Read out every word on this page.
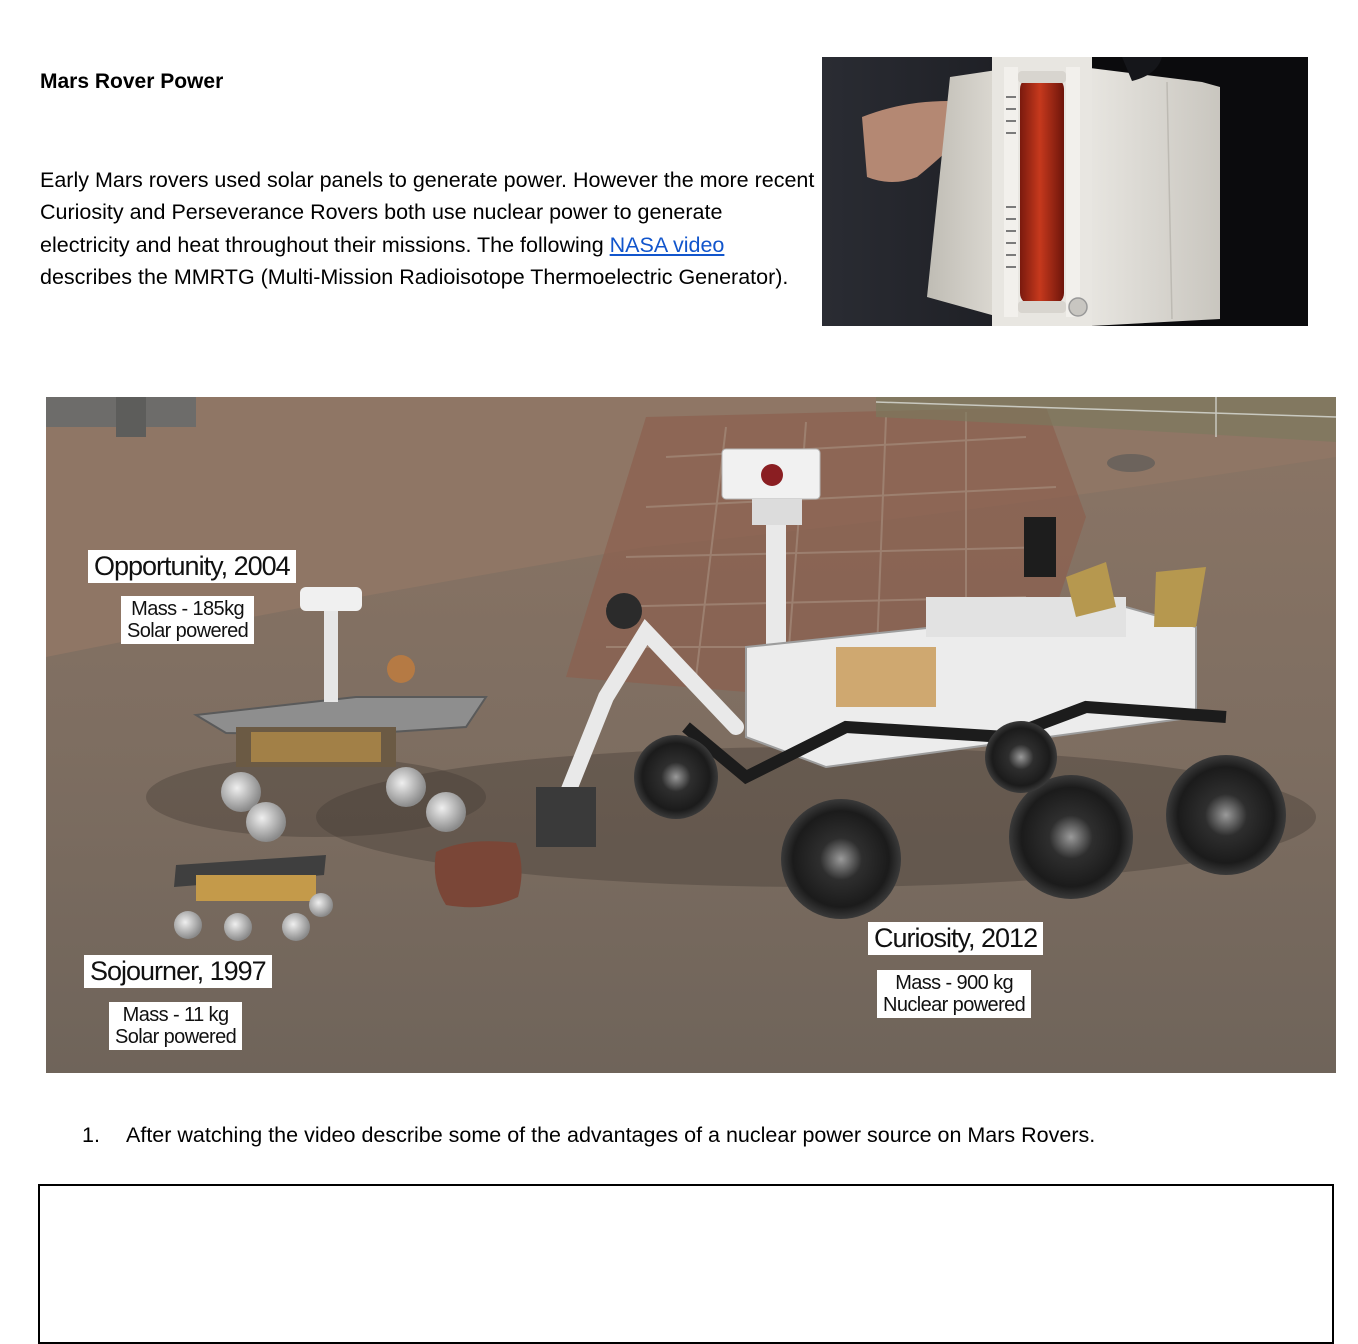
Mars Rover Power
Early Mars rovers used solar panels to generate power. However the more recent Curiosity and Perseverance Rovers both use nuclear power to generate electricity and heat throughout their missions. The following NASA video describes the MMRTG (Multi-Mission Radioisotope Thermoelectric Generator).
Opportunity, 2004
Mass - 185kg
Solar powered
Sojourner, 1997
Mass - 11 kg
Solar powered
Curiosity, 2012
Mass - 900 kg
Nuclear powered
1. After watching the video describe some of the advantages of a nuclear power source on Mars Rovers.
